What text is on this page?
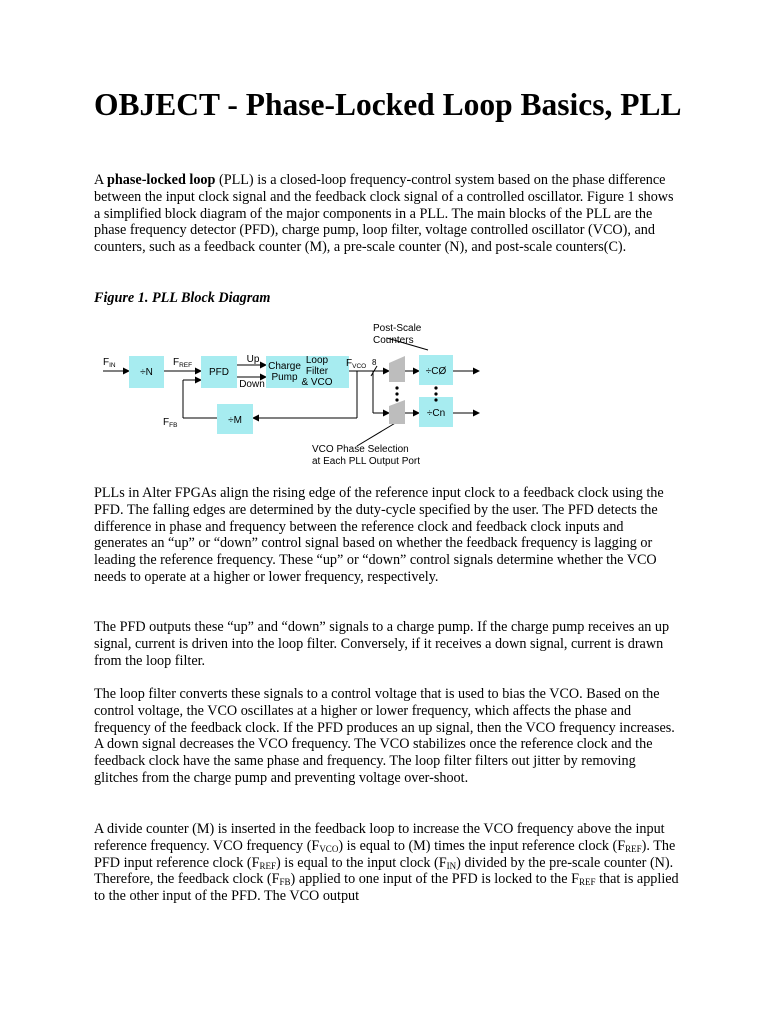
OBJECT - Phase-Locked Loop Basics, PLL

A phase-locked loop (PLL) is a closed-loop frequency-control system based on the phase difference between the input clock signal and the feedback clock signal of a controlled oscillator. Figure 1 shows a simplified block diagram of the major components in a PLL. The main blocks of the PLL are the phase frequency detector (PFD), charge pump, loop filter, voltage controlled oscillator (VCO), and counters, such as a feedback counter (M), a pre-scale counter (N), and post-scale counters(C).

Figure 1. PLL Block Diagram

Post-Scale
Counters
$F_{IN}$	$F_{REF}$
$F_{FB}$
$F_{VCO}$ 8
÷N	PFD
Up
Down
Charge
Pump
Loop
Filter
& VCO
÷M
÷CØ
÷Cn
VCO Phase Selection
at Each PLL Output Port

PLLs in Alter FPGAs align the rising edge of the reference input clock to a feedback clock using the PFD. The falling edges are determined by the duty-cycle specified by the user. The PFD detects the difference in phase and frequency between the reference clock and feedback clock inputs and generates an “up” or “down” control signal based on whether the feedback frequency is lagging or leading the reference frequency. These “up” or “down” control signals determine whether the VCO needs to operate at a higher or lower frequency, respectively.

The PFD outputs these “up” and “down” signals to a charge pump. If the charge pump receives an up signal, current is driven into the loop filter. Conversely, if it receives a down signal, current is drawn from the loop filter.

The loop filter converts these signals to a control voltage that is used to bias the VCO. Based on the control voltage, the VCO oscillates at a higher or lower frequency, which affects the phase and frequency of the feedback clock. If the PFD produces an up signal, then the VCO frequency increases. A down signal decreases the VCO frequency. The VCO stabilizes once the reference clock and the feedback clock have the same phase and frequency. The loop filter filters out jitter by removing glitches from the charge pump and preventing voltage over-shoot.

A divide counter (M) is inserted in the feedback loop to increase the VCO frequency above the input reference frequency. VCO frequency $(F_{VCO})$ is equal to (M) times the input reference clock $(F_{REF})$. The PFD input reference clock $(F_{REF})$ is equal to the input clock $(F_{IN})$ divided by the pre-scale counter (N). Therefore, the feedback clock $(F_{FB})$ applied to one input of the PFD is locked to the $F_{REF}$ that is applied to the other input of the PFD. The VCO output
